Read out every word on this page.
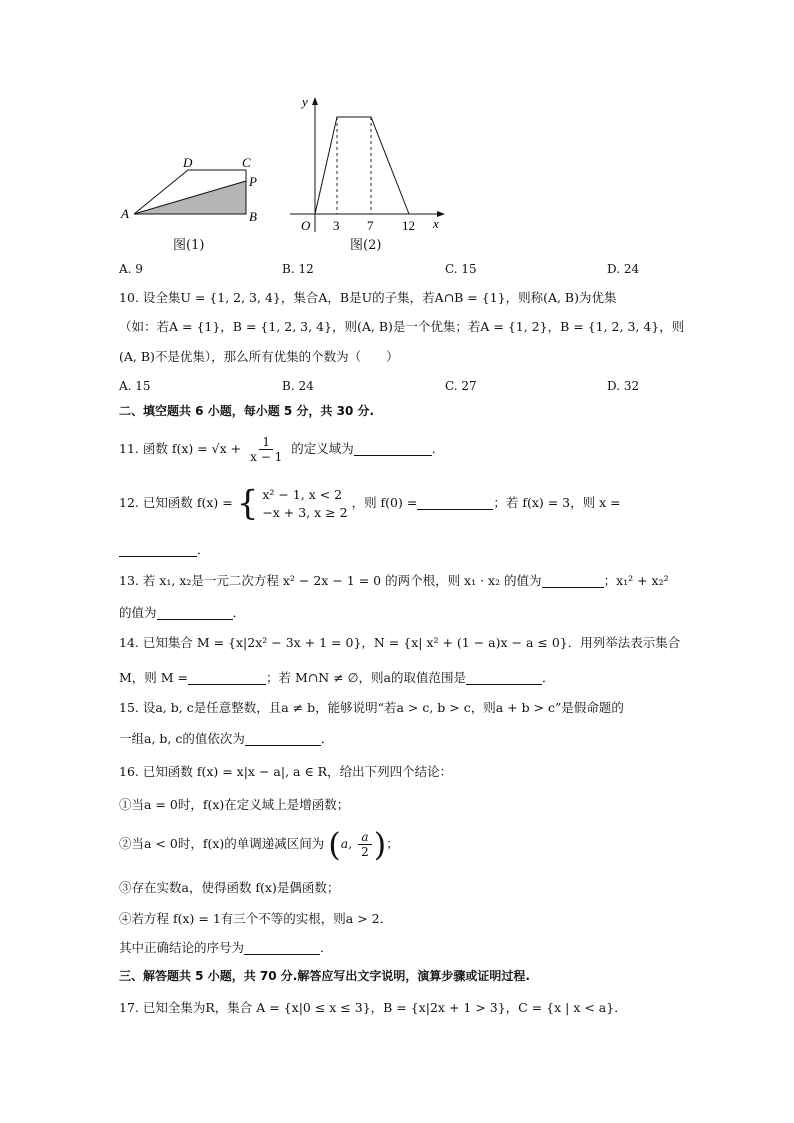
A	B
C
D
P
图(1)
y
x
O 3 7 12
图(2)
A. 9	B. 12	C. 15	D. 24
10. 设全集U = {1, 2, 3, 4}，集合A，B是U的子集，若A∩B = {1}，则称(A, B)为优集
（如：若A = {1}，B = {1, 2, 3, 4}，则(A, B)是一个优集；若A = {1, 2}，B = {1, 2, 3, 4}，则
(A, B)不是优集），那么所有优集的个数为（　　）
A. 15	B. 24	C. 27	D. 32
二、填空题共 6 小题，每小题 5 分，共 30 分.
11. 函数 $f(x) = √x + \frac{1}{x - 1}$ 的定义域为	．
12. 已知函数 f(x) = { x² − 1, x < 2
−x + 3, x ≥ 2
，则 f(0) =	；若 f(x) = 3，则 x =
．
13. 若 x₁, x₂是一元二次方程 x² − 2x − 1 = 0 的两个根，则 x₁ · x₂ 的值为	；x₁² + x₂²
的值为	．
14. 已知集合 M = {x|2x² − 3x + 1 = 0}，N = {x| x² + (1 − a)x − a ≤ 0}．用列举法表示集合
M，则 M =	；若 M∩N ≠ ∅，则a的取值范围是	．
15. 设a, b, c是任意整数，且a ≠ b，能够说明“若a > c, b > c，则a + b > c”是假命题的
一组a, b, c的值依次为	．
16. 已知函数 f(x) = x|x − a|, a ∈ R，给出下列四个结论：
①当a = 0时，f(x)在定义域上是增函数；
②当a < 0时，f(x)的单调递减区间为 (a, $\frac{a}{2}$ )；
③存在实数a，使得函数 f(x)是偶函数；
④若方程 f(x) = 1有三个不等的实根，则a > 2．
其中正确结论的序号为	．
三、解答题共 5 小题，共 70 分.解答应写出文字说明，演算步骤或证明过程.
17. 已知全集为R，集合 A = {x|0 ≤ x ≤ 3}，B = {x|2x + 1 > 3}，C = {x | x < a}．
